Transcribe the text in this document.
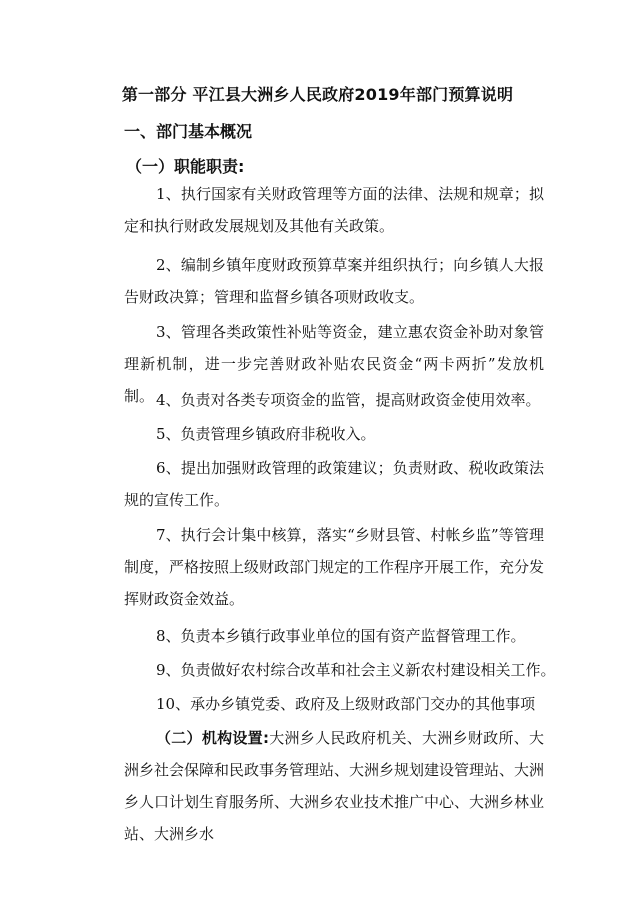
第一部分 平江县大洲乡人民政府2019年部门预算说明
一、部门基本概况
（一）职能职责:
1、执行国家有关财政管理等方面的法律、法规和规章；拟定和执行财政发展规划及其他有关政策。
2、编制乡镇年度财政预算草案并组织执行；向乡镇人大报告财政决算；管理和监督乡镇各项财政收支。
3、管理各类政策性补贴等资金，建立惠农资金补助对象管理新机制，进一步完善财政补贴农民资金“两卡两折”发放机制。 4、负责对各类专项资金的监管，提高财政资金使用效率。
5、负责管理乡镇政府非税收入。
6、提出加强财政管理的政策建议；负责财政、税收政策法规的宣传工作。
7、执行会计集中核算，落实“乡财县管、村帐乡监”等管理制度，严格按照上级财政部门规定的工作程序开展工作，充分发挥财政资金效益。
8、负责本乡镇行政事业单位的国有资产监督管理工作。
9、负责做好农村综合改革和社会主义新农村建设相关工作。
10、承办乡镇党委、政府及上级财政部门交办的其他事项
（二）机构设置:大洲乡人民政府机关、大洲乡财政所、大洲乡社会保障和民政事务管理站、大洲乡规划建设管理站、大洲乡人口计划生育服务所、大洲乡农业技术推广中心、大洲乡林业站、大洲乡水
